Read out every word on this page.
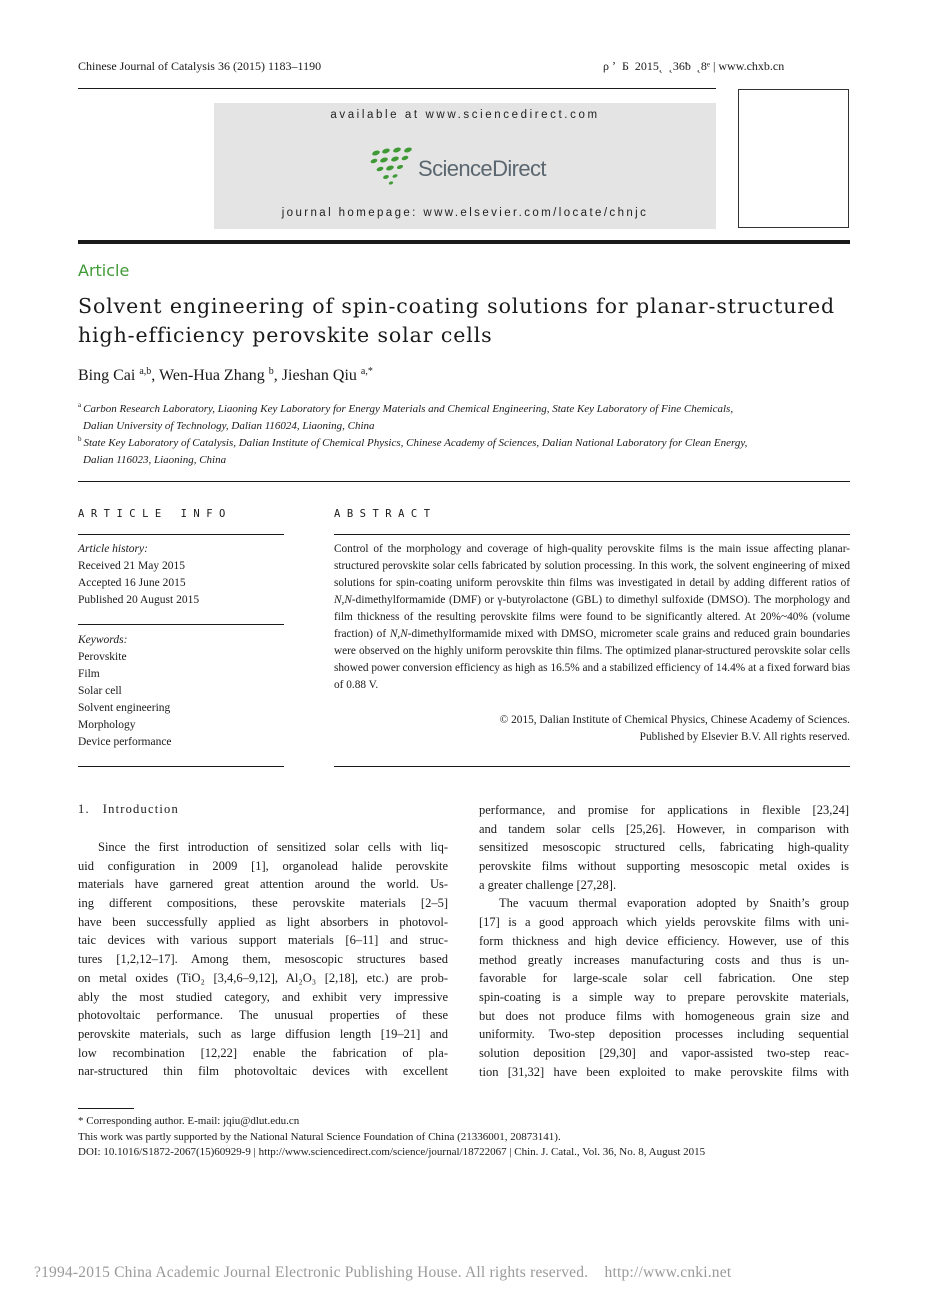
Chinese Journal of Catalysis 36 (2015) 1183–1190	ρ ʼ  Б  2015˛  ˛36ƀ  ˛8ᵉ | www.chxb.cn
available at www.sciencedirect.com
ScienceDirect
journal homepage: www.elsevier.com/locate/chnjc
Article
Solvent engineering of spin-coating solutions for planar-structured
high-efficiency perovskite solar cells
Bing Cai $^{a,b}$, Wen-Hua Zhang $^b$, Jieshan Qiu $^{a,*}$
$^a$ Carbon Research Laboratory, Liaoning Key Laboratory for Energy Materials and Chemical Engineering, State Key Laboratory of Fine Chemicals,
Dalian University of Technology, Dalian 116024, Liaoning, China
$^b$ State Key Laboratory of Catalysis, Dalian Institute of Chemical Physics, Chinese Academy of Sciences, Dalian National Laboratory for Clean Energy,
Dalian 116023, Liaoning, China
ARTICLE INFO
Article history:
Received 21 May 2015
Accepted 16 June 2015
Published 20 August 2015
Keywords:
Perovskite
Film
Solar cell
Solvent engineering
Morphology
Device performance
ABSTRACT
Control of the morphology and coverage of high-quality perovskite films is the main issue affecting planar-structured perovskite solar cells fabricated by solution processing. In this work, the solvent engineering of mixed solutions for spin-coating uniform perovskite thin films was investigated in detail by adding different ratios of N,N-dimethylformamide (DMF) or γ-butyrolactone (GBL) to dimethyl sulfoxide (DMSO). The morphology and film thickness of the resulting perovskite films were found to be significantly altered. At 20%~40% (volume fraction) of N,N-dimethylformamide mixed with DMSO, micrometer scale grains and reduced grain boundaries were observed on the highly uniform perovskite thin films. The optimized planar-structured perovskite solar cells showed power conversion efficiency as high as 16.5% and a stabilized efficiency of 14.4% at a fixed forward bias of 0.88 V.
© 2015, Dalian Institute of Chemical Physics, Chinese Academy of Sciences.
Published by Elsevier B.V. All rights reserved.
1.   Introduction
Since the first introduction of sensitized solar cells with liq-
uid configuration in 2009 [1], organolead halide perovskite
materials have garnered great attention around the world. Us-
ing different compositions, these perovskite materials [2–5]
have been successfully applied as light absorbers in photovol-
taic devices with various support materials [6–11] and struc-
tures [1,2,12–17]. Among them, mesoscopic structures based
on metal oxides (TiO₂ [3,4,6–9,12], Al₂O₃ [2,18], etc.) are prob-
ably the most studied category, and exhibit very impressive
photovoltaic performance. The unusual properties of these
perovskite materials, such as large diffusion length [19–21] and
low recombination [12,22] enable the fabrication of pla-
nar-structured thin film photovoltaic devices with excellent
performance, and promise for applications in flexible [23,24]
and tandem solar cells [25,26]. However, in comparison with
sensitized mesoscopic structured cells, fabricating high-quality
perovskite films without supporting mesoscopic metal oxides is
a greater challenge [27,28].
The vacuum thermal evaporation adopted by Snaith’s group
[17] is a good approach which yields perovskite films with uni-
form thickness and high device efficiency. However, use of this
method greatly increases manufacturing costs and thus is un-
favorable for large-scale solar cell fabrication. One step
spin-coating is a simple way to prepare perovskite materials,
but does not produce films with homogeneous grain size and
uniformity. Two-step deposition processes including sequential
solution deposition [29,30] and vapor-assisted two-step reac-
tion [31,32] have been exploited to make perovskite films with
* Corresponding author. E-mail: jqiu@dlut.edu.cn
This work was partly supported by the National Natural Science Foundation of China (21336001, 20873141).
DOI: 10.1016/S1872-2067(15)60929-9 | http://www.sciencedirect.com/science/journal/18722067 | Chin. J. Catal., Vol. 36, No. 8, August 2015
?1994-2015 China Academic Journal Electronic Publishing House. All rights reserved.    http://www.cnki.net
